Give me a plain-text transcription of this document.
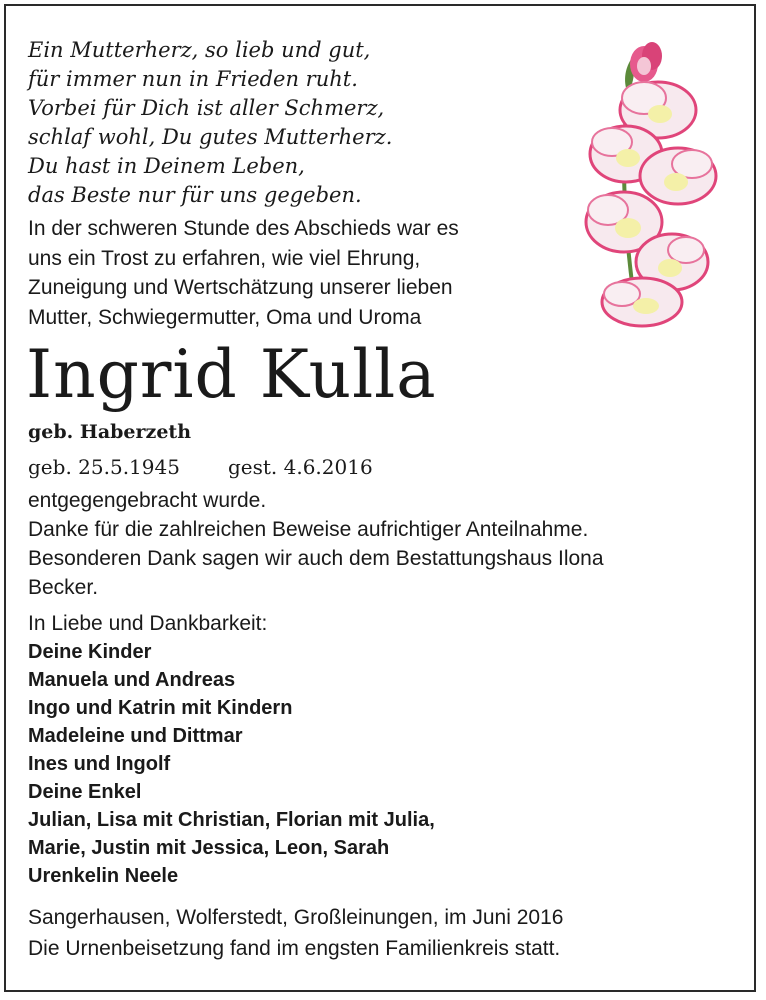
Ein Mutterherz, so lieb und gut,
für immer nun in Frieden ruht.
Vorbei für Dich ist aller Schmerz,
schlaf wohl, Du gutes Mutterherz.
Du hast in Deinem Leben,
das Beste nur für uns gegeben.
In der schweren Stunde des Abschieds war es
uns ein Trost zu erfahren, wie viel Ehrung,
Zuneigung und Wertschätzung unserer lieben
Mutter, Schwiegermutter, Oma und Uroma
Ingrid Kulla
geb. Haberzeth
geb. 25.5.1945 gest. 4.6.2016
entgegengebracht wurde.
Danke für die zahlreichen Beweise aufrichtiger Anteilnahme.
Besonderen Dank sagen wir auch dem Bestattungshaus Ilona
Becker.
In Liebe und Dankbarkeit:
Deine Kinder
Manuela und Andreas
Ingo und Katrin mit Kindern
Madeleine und Dittmar
Ines und Ingolf
Deine Enkel
Julian, Lisa mit Christian, Florian mit Julia,
Marie, Justin mit Jessica, Leon, Sarah
Urenkelin Neele
Sangerhausen, Wolferstedt, Großleinungen, im Juni 2016
Die Urnenbeisetzung fand im engsten Familienkreis statt.
